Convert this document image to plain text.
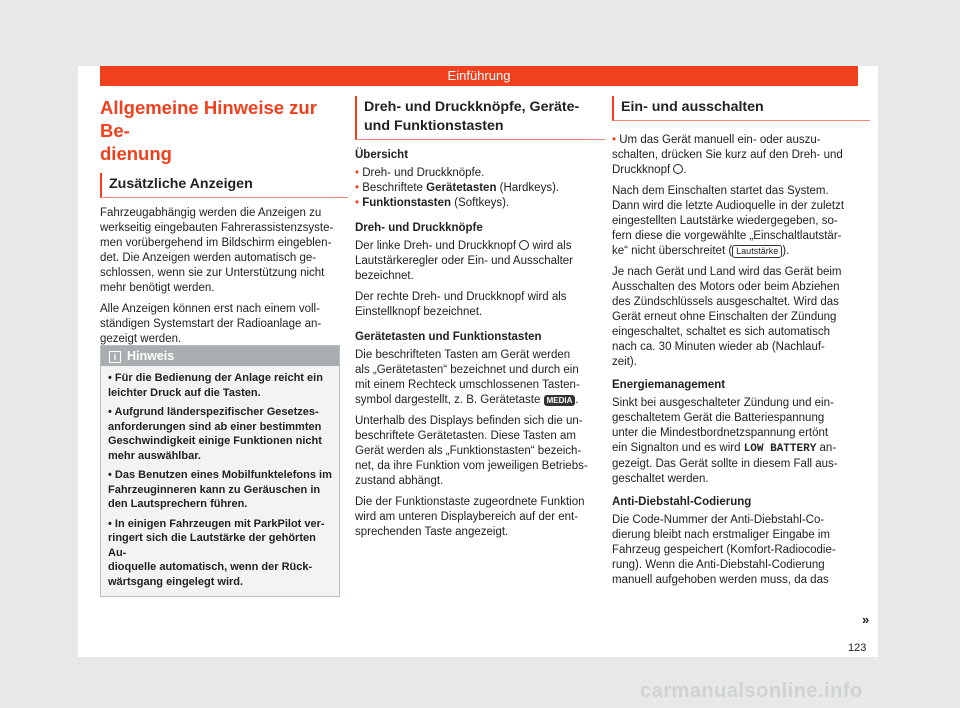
Einführung
Allgemeine Hinweise zur Be-
dienung
Zusätzliche Anzeigen

Fahrzeugabhängig werden die Anzeigen zu
werkseitig eingebauten Fahrerassistenzsyste-
men vorübergehend im Bildschirm eingeblen-
det. Die Anzeigen werden automatisch ge-
schlossen, wenn sie zur Unterstützung nicht
mehr benötigt werden.

Alle Anzeigen können erst nach einem voll-
ständigen Systemstart der Radioanlage an-
gezeigt werden.

i Hinweis

• Für die Bedienung der Anlage reicht ein
leichter Druck auf die Tasten.

• Aufgrund länderspezifischer Gesetzes-
anforderungen sind ab einer bestimmten
Geschwindigkeit einige Funktionen nicht
mehr auswählbar.

• Das Benutzen eines Mobilfunktelefons im
Fahrzeuginneren kann zu Geräuschen in
den Lautsprechern führen.

• In einigen Fahrzeugen mit ParkPilot ver-
ringert sich die Lautstärke der gehörten Au-
dioquelle automatisch, wenn der Rück-
wärtsgang eingelegt wird.

Dreh- und Druckknöpfe, Geräte-
und Funktionstasten
Übersicht

• Dreh- und Druckknöpfe.
• Beschriftete Gerätetasten (Hardkeys).
• Funktionstasten (Softkeys).

Dreh- und Druckknöpfe

Der linke Dreh- und Druckknopf wird als
Lautstärkeregler oder Ein- und Ausschalter
bezeichnet.

Der rechte Dreh- und Druckknopf wird als
Einstellknopf bezeichnet.

Gerätetasten und Funktionstasten

Die beschrifteten Tasten am Gerät werden
als „Gerätetasten“ bezeichnet und durch ein
mit einem Rechteck umschlossenen Tasten-
symbol dargestellt, z. B. Gerätetaste MEDIA .

Unterhalb des Displays befinden sich die un-
beschriftete Gerätetasten. Diese Tasten am
Gerät werden als „Funktionstasten“ bezeich-
net, da ihre Funktion vom jeweiligen Betriebs-
zustand abhängt.

Die der Funktionstaste zugeordnete Funktion
wird am unteren Displaybereich auf der ent-
sprechenden Taste angezeigt.

Ein- und ausschalten

• Um das Gerät manuell ein- oder auszu-
schalten, drücken Sie kurz auf den Dreh- und
Druckknopf .

Nach dem Einschalten startet das System.
Dann wird die letzte Audioquelle in der zuletzt
eingestellten Lautstärke wiedergegeben, so-
fern diese die vorgewählte „Einschaltlautstär-
ke“ nicht überschreitet ( Lautstärke ).

Je nach Gerät und Land wird das Gerät beim
Ausschalten des Motors oder beim Abziehen
des Zündschlüssels ausgeschaltet. Wird das
Gerät erneut ohne Einschalten der Zündung
eingeschaltet, schaltet es sich automatisch
nach ca. 30 Minuten wieder ab (Nachlauf-
zeit).

Energiemanagement

Sinkt bei ausgeschalteter Zündung und ein-
geschaltetem Gerät die Batteriespannung
unter die Mindestbordnetzspannung ertönt
ein Signalton und es wird LOW BATTERY an-
gezeigt. Das Gerät sollte in diesem Fall aus-
geschaltet werden.

Anti-Diebstahl-Codierung

Die Code-Nummer der Anti-Diebstahl-Co-
dierung bleibt nach erstmaliger Eingabe im
Fahrzeug gespeichert (Komfort-Radiocodie-
rung). Wenn die Anti-Diebstahl-Codierung
manuell aufgehoben werden muss, da das

»
123
carmanualsonline.info
